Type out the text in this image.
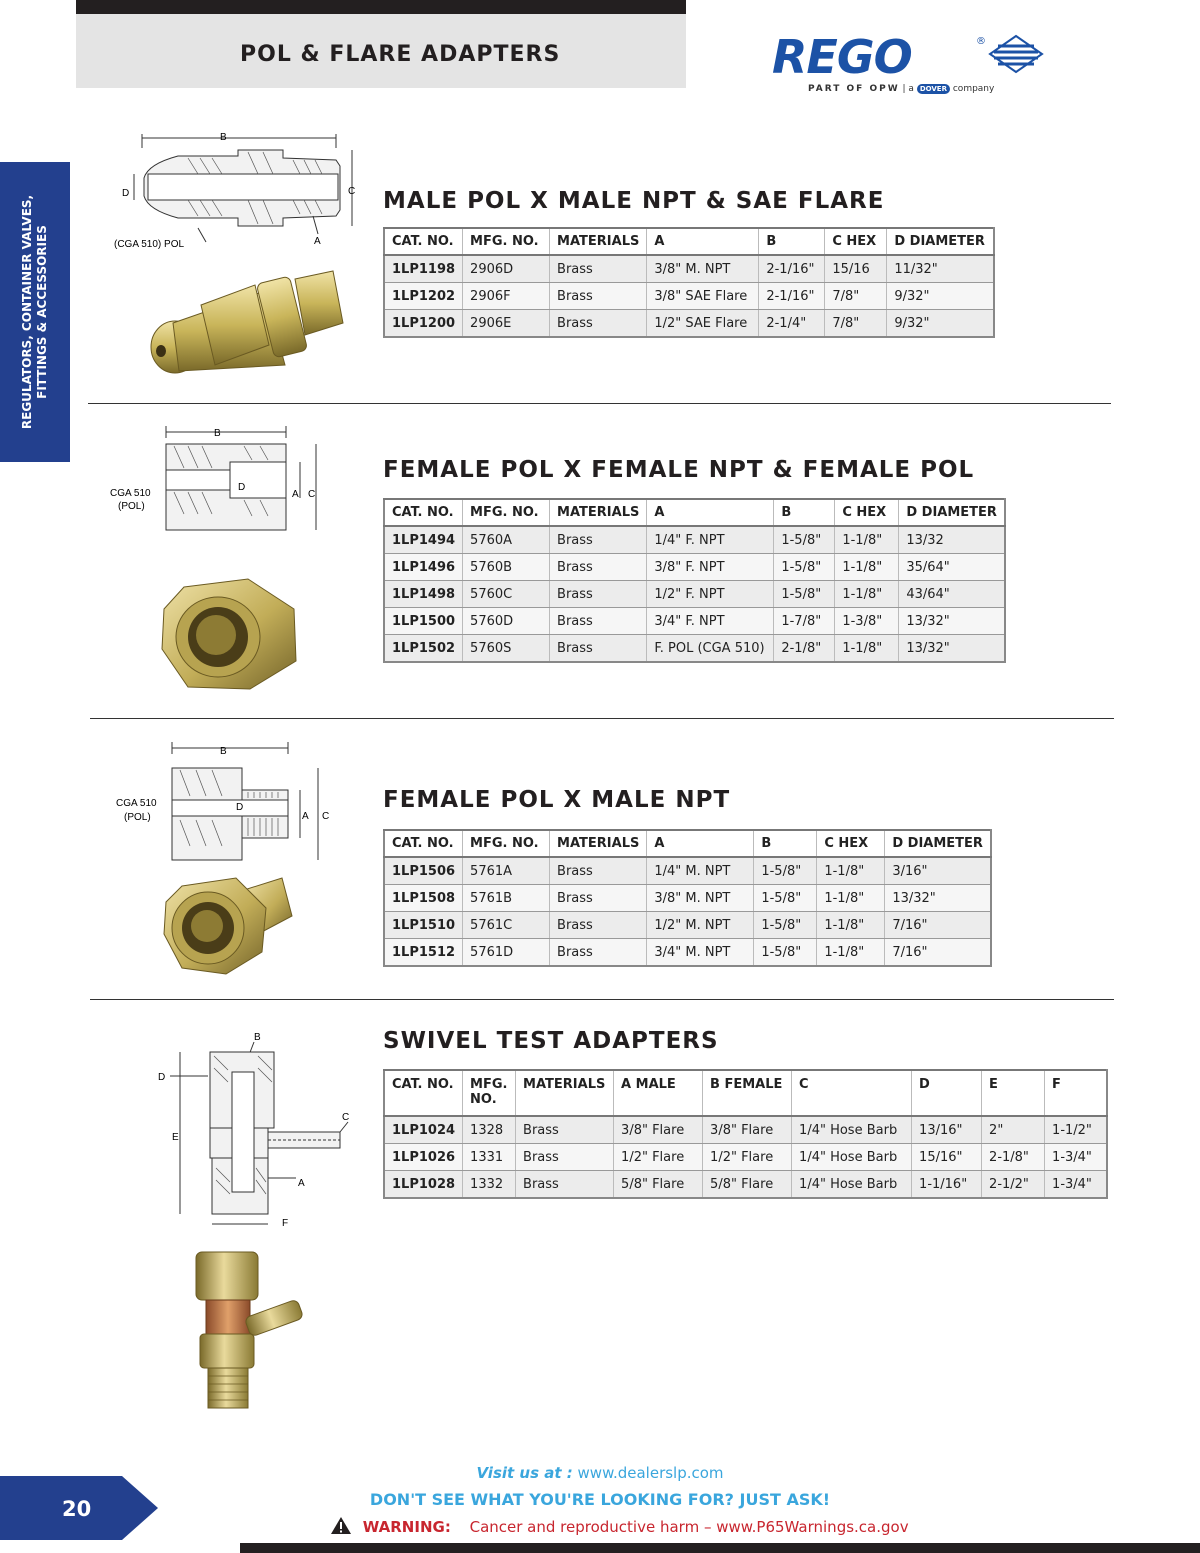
POL & FLARE ADAPTERS	REGO	®
PART OF OPW | a DOVER company
REGULATORS, CONTAINER VALVES, FITTINGS & ACCESSORIES
B
D	C
A
(CGA 510) POL
MALE POL X MALE NPT & SAE FLARE
CAT. NO.	MFG. NO.	MATERIALS	A	B	C HEX	D DIAMETER
1LP1198	2906D	Brass	3/8" M. NPT	2-1/16"	15/16	11/32"
1LP1202	2906F	Brass	3/8" SAE Flare	2-1/16"	7/8"	9/32"
1LP1200	2906E	Brass	1/2" SAE Flare	2-1/4"	7/8"	9/32"
B
D
A C
CGA 510
(POL)
FEMALE POL X FEMALE NPT & FEMALE POL
CAT. NO.	MFG. NO.	MATERIALS	A	B	C HEX	D DIAMETER
1LP1494	5760A	Brass	1/4" F. NPT	1-5/8"	1-1/8"	13/32
1LP1496	5760B	Brass	3/8" F. NPT	1-5/8"	1-1/8"	35/64"
1LP1498	5760C	Brass	1/2" F. NPT	1-5/8"	1-1/8"	43/64"
1LP1500	5760D	Brass	3/4" F. NPT	1-7/8"	1-3/8"	13/32"
1LP1502	5760S	Brass	F. POL (CGA 510)	2-1/8"	1-1/8"	13/32"
B
D
A C
CGA 510
(POL)
FEMALE POL X MALE NPT
CAT. NO.	MFG. NO.	MATERIALS	A	B	C HEX	D DIAMETER
1LP1506	5761A	Brass	1/4" M. NPT	1-5/8"	1-1/8"	3/16"
1LP1508	5761B	Brass	3/8" M. NPT	1-5/8"	1-1/8"	13/32"
1LP1510	5761C	Brass	1/2" M. NPT	1-5/8"	1-1/8"	7/16"
1LP1512	5761D	Brass	3/4" M. NPT	1-5/8"	1-1/8"	7/16"
B
D
C
E
A
F
SWIVEL TEST ADAPTERS
CAT. NO.	MFG. NO.	MATERIALS	A MALE	B FEMALE	C	D	E	F
1LP1024	1328	Brass	3/8" Flare	3/8" Flare	1/4" Hose Barb	13/16"	2"	1-1/2"
1LP1026	1331	Brass	1/2" Flare	1/2" Flare	1/4" Hose Barb	15/16"	2-1/8"	1-3/4"
1LP1028	1332	Brass	5/8" Flare	5/8" Flare	1/4" Hose Barb	1-1/16"	2-1/2"	1-3/4"
20
Visit us at : www.dealerslp.com
DON'T SEE WHAT YOU'RE LOOKING FOR? JUST ASK!
WARNING: Cancer and reproductive harm – www.P65Warnings.ca.gov
